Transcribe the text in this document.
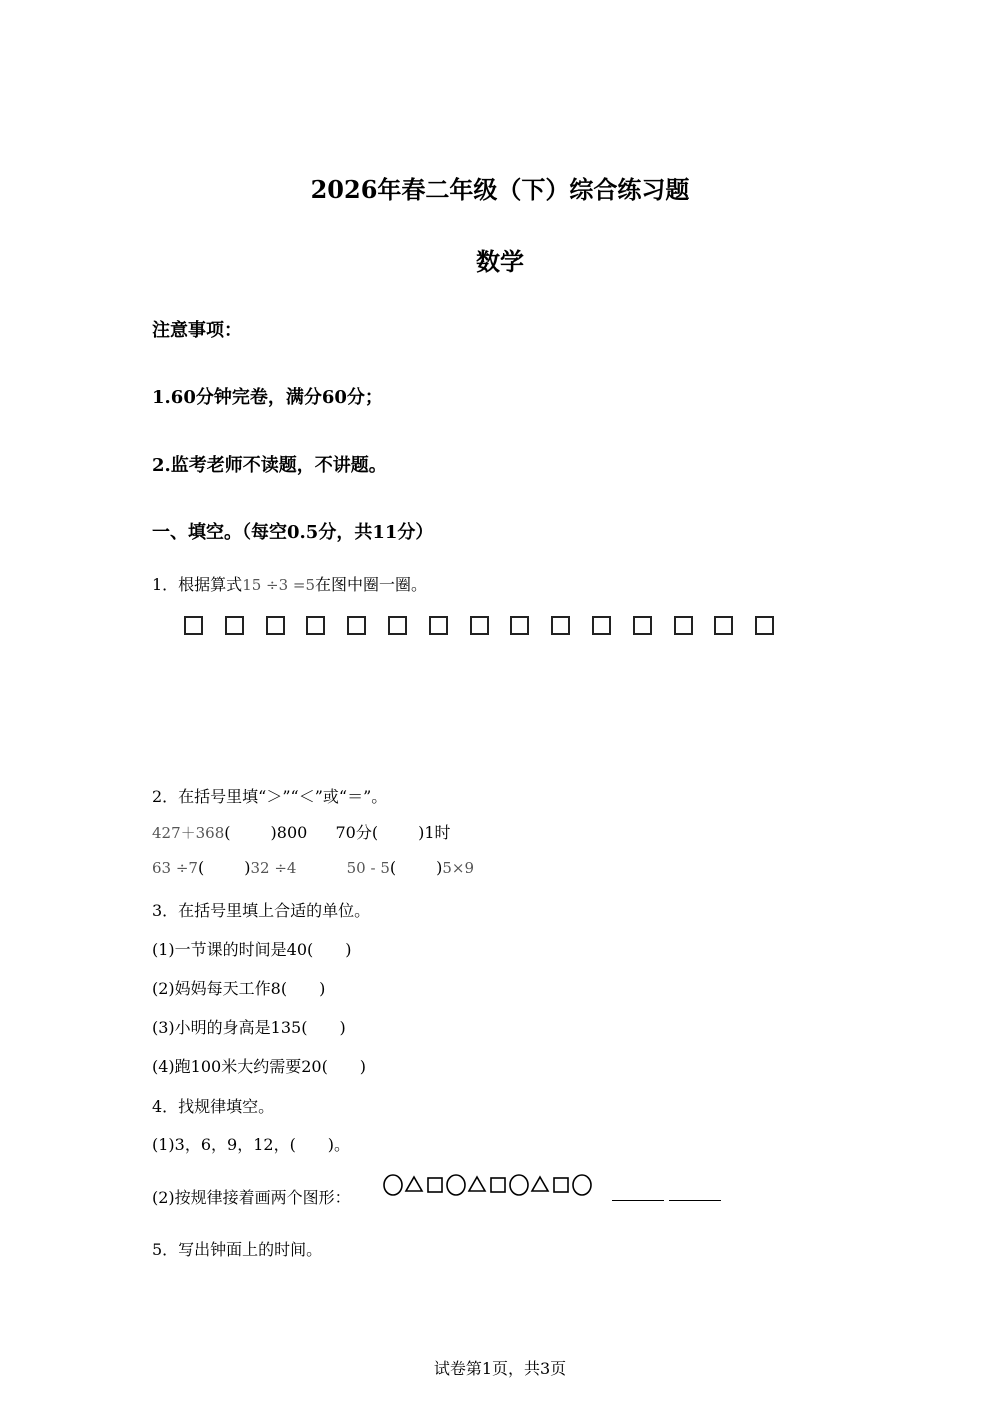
2026年春二年级（下）综合练习题
数学
注意事项：
1.60分钟完卷，满分60分；
2.监考老师不读题，不讲题。
一、填空。（每空0.5分，共11分）
1．根据算式15 ÷3 =5在图中圈一圈。
2．在括号里填“＞”“＜”或“＝”。
427＋368(	)800 70分(	)1时
63 ÷7(	)32 ÷4	50 - 5(	)5×9
3．在括号里填上合适的单位。
(1)一节课的时间是40(　　)
(2)妈妈每天工作8(　　)
(3)小明的身高是135(　　)
(4)跑100米大约需要20(　　)
4．找规律填空。
(1)3，6，9，12，(　　)。
(2)按规律接着画两个图形：

5．写出钟面上的时间。
试卷第1页，共3页
